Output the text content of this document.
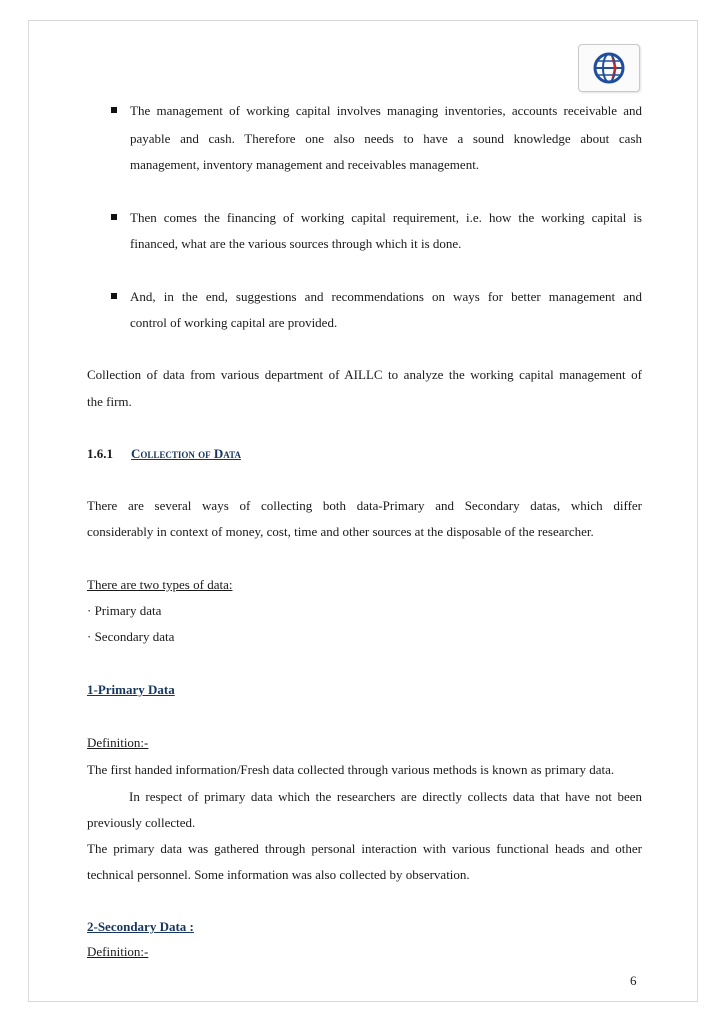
The management of working capital involves managing inventories, accounts receivable and

payable and cash. Therefore one also needs to have a sound knowledge about cash

management, inventory management and receivables management.

Then comes the financing of working capital requirement, i.e. how the working capital is

financed, what are the various sources through which it is done.

And, in the end, suggestions and recommendations on ways for better management and

control of working capital are provided.

Collection of data from various department of AILLC to analyze the working capital management of

the firm.

1.6.1 Collection of Data

There are several ways of collecting both data-Primary and Secondary datas, which differ

considerably in context of money, cost, time and other sources at the disposable of the researcher.

There are two types of data:

· Primary data

· Secondary data

1-Primary Data

Definition:-

The first handed information/Fresh data collected through various methods is known as primary data.

In respect of primary data which the researchers are directly collects data that have not been

previously collected.

The primary data was gathered through personal interaction with various functional heads and other

technical personnel. Some information was also collected by observation.

2-Secondary Data :

Definition:-

6
